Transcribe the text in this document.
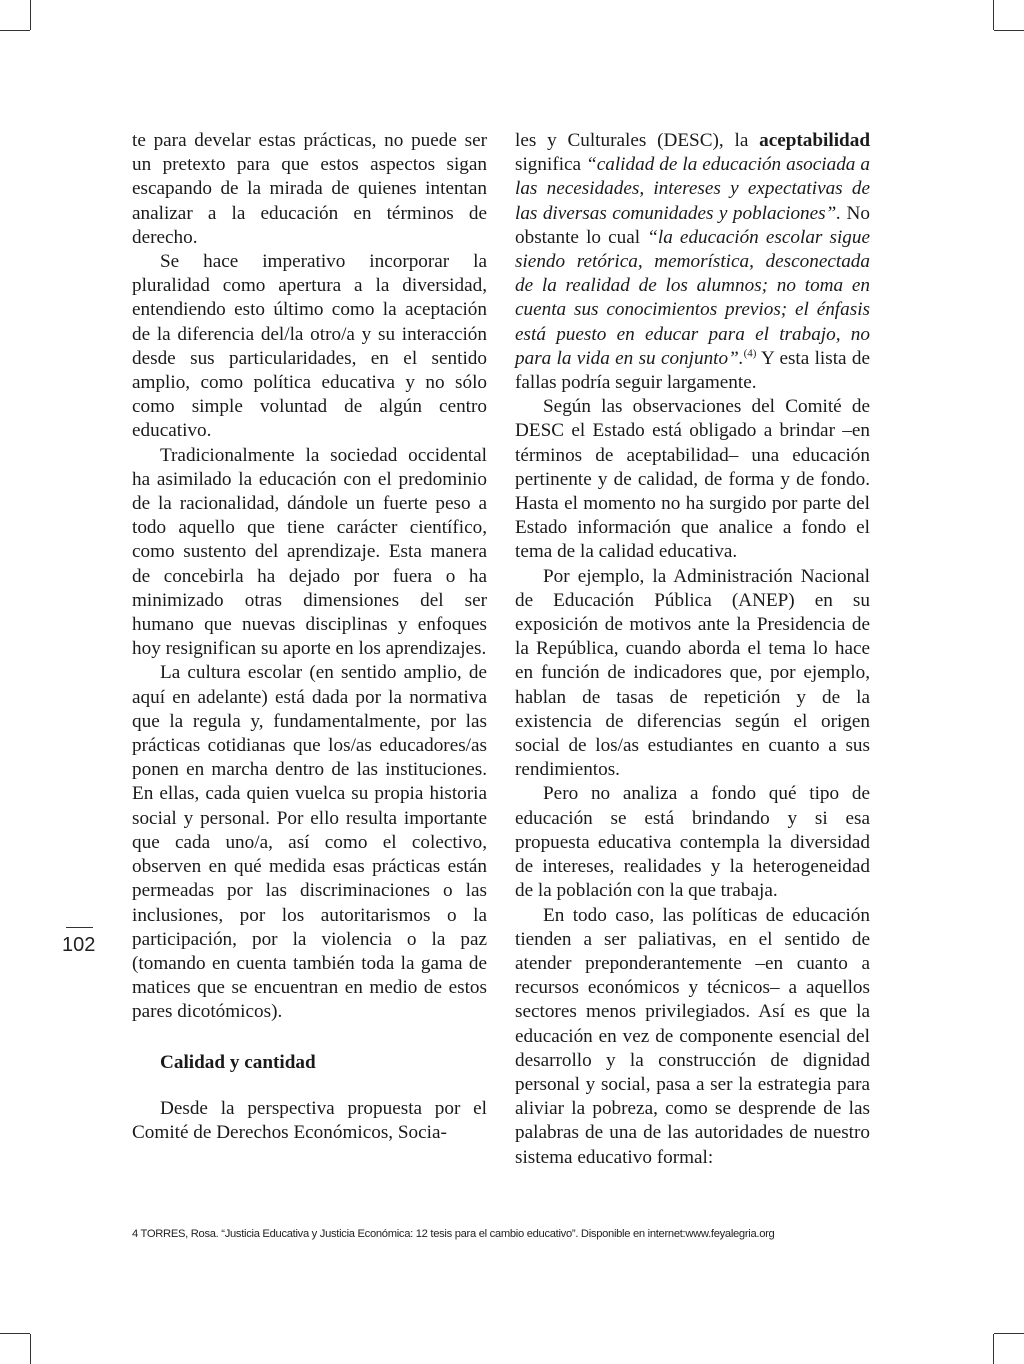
102

te para develar estas prácticas, no puede ser un pretexto para que estos aspectos sigan escapando de la mirada de quienes intentan analizar a la educación en términos de derecho.

Se hace imperativo incorporar la pluralidad como apertura a la diversidad, entendiendo esto último como la aceptación de la diferencia del/la otro/a y su interacción desde sus particularidades, en el sentido amplio, como política educativa y no sólo como simple voluntad de algún centro educativo.

Tradicionalmente la sociedad occidental ha asimilado la educación con el predominio de la racionalidad, dándole un fuerte peso a todo aquello que tiene carácter científico, como sustento del aprendizaje. Esta manera de concebirla ha dejado por fuera o ha minimizado otras dimensiones del ser humano que nuevas disciplinas y enfoques hoy resignifican su aporte en los aprendizajes.

La cultura escolar (en sentido amplio, de aquí en adelante) está dada por la normativa que la regula y, fundamentalmente, por las prácticas cotidianas que los/as educadores/as ponen en marcha dentro de las instituciones. En ellas, cada quien vuelca su propia historia social y personal. Por ello resulta importante que cada uno/a, así como el colectivo, observen en qué medida esas prácticas están permeadas por las discriminaciones o las inclusiones, por los autoritarismos o la participación, por la violencia o la paz (tomando en cuenta también toda la gama de matices que se encuentran en medio de estos pares dicotómicos).

Calidad y cantidad

Desde la perspectiva propuesta por el Comité de Derechos Económicos, Socia-

les y Culturales (DESC), la aceptabilidad significa “calidad de la educación asociada a las necesidades, intereses y expectativas de las diversas comunidades y poblaciones”. No obstante lo cual “la educación escolar sigue siendo retórica, memorística, desconectada de la realidad de los alumnos; no toma en cuenta sus conocimientos previos; el énfasis está puesto en educar para el trabajo, no para la vida en su conjunto”.$^{(4)}$ Y esta lista de fallas podría seguir largamente.

Según las observaciones del Comité de DESC el Estado está obligado a brindar –en términos de aceptabilidad– una educación pertinente y de calidad, de forma y de fondo. Hasta el momento no ha surgido por parte del Estado información que analice a fondo el tema de la calidad educativa.

Por ejemplo, la Administración Nacional de Educación Pública (ANEP) en su exposición de motivos ante la Presidencia de la República, cuando aborda el tema lo hace en función de indicadores que, por ejemplo, hablan de tasas de repetición y de la existencia de diferencias según el origen social de los/as estudiantes en cuanto a sus rendimientos.

Pero no analiza a fondo qué tipo de educación se está brindando y si esa propuesta educativa contempla la diversidad de intereses, realidades y la heterogeneidad de la población con la que trabaja.

En todo caso, las políticas de educación tienden a ser paliativas, en el sentido de atender preponderantemente –en cuanto a recursos económicos y técnicos– a aquellos sectores menos privilegiados. Así es que la educación en vez de componente esencial del desarrollo y la construcción de dignidad personal y social, pasa a ser la estrategia para aliviar la pobreza, como se desprende de las palabras de una de las autoridades de nuestro sistema educativo formal:

4 TORRES, Rosa. “Justicia Educativa y Justicia Económica: 12 tesis para el cambio educativo”. Disponible en internet:www.feyalegria.org
